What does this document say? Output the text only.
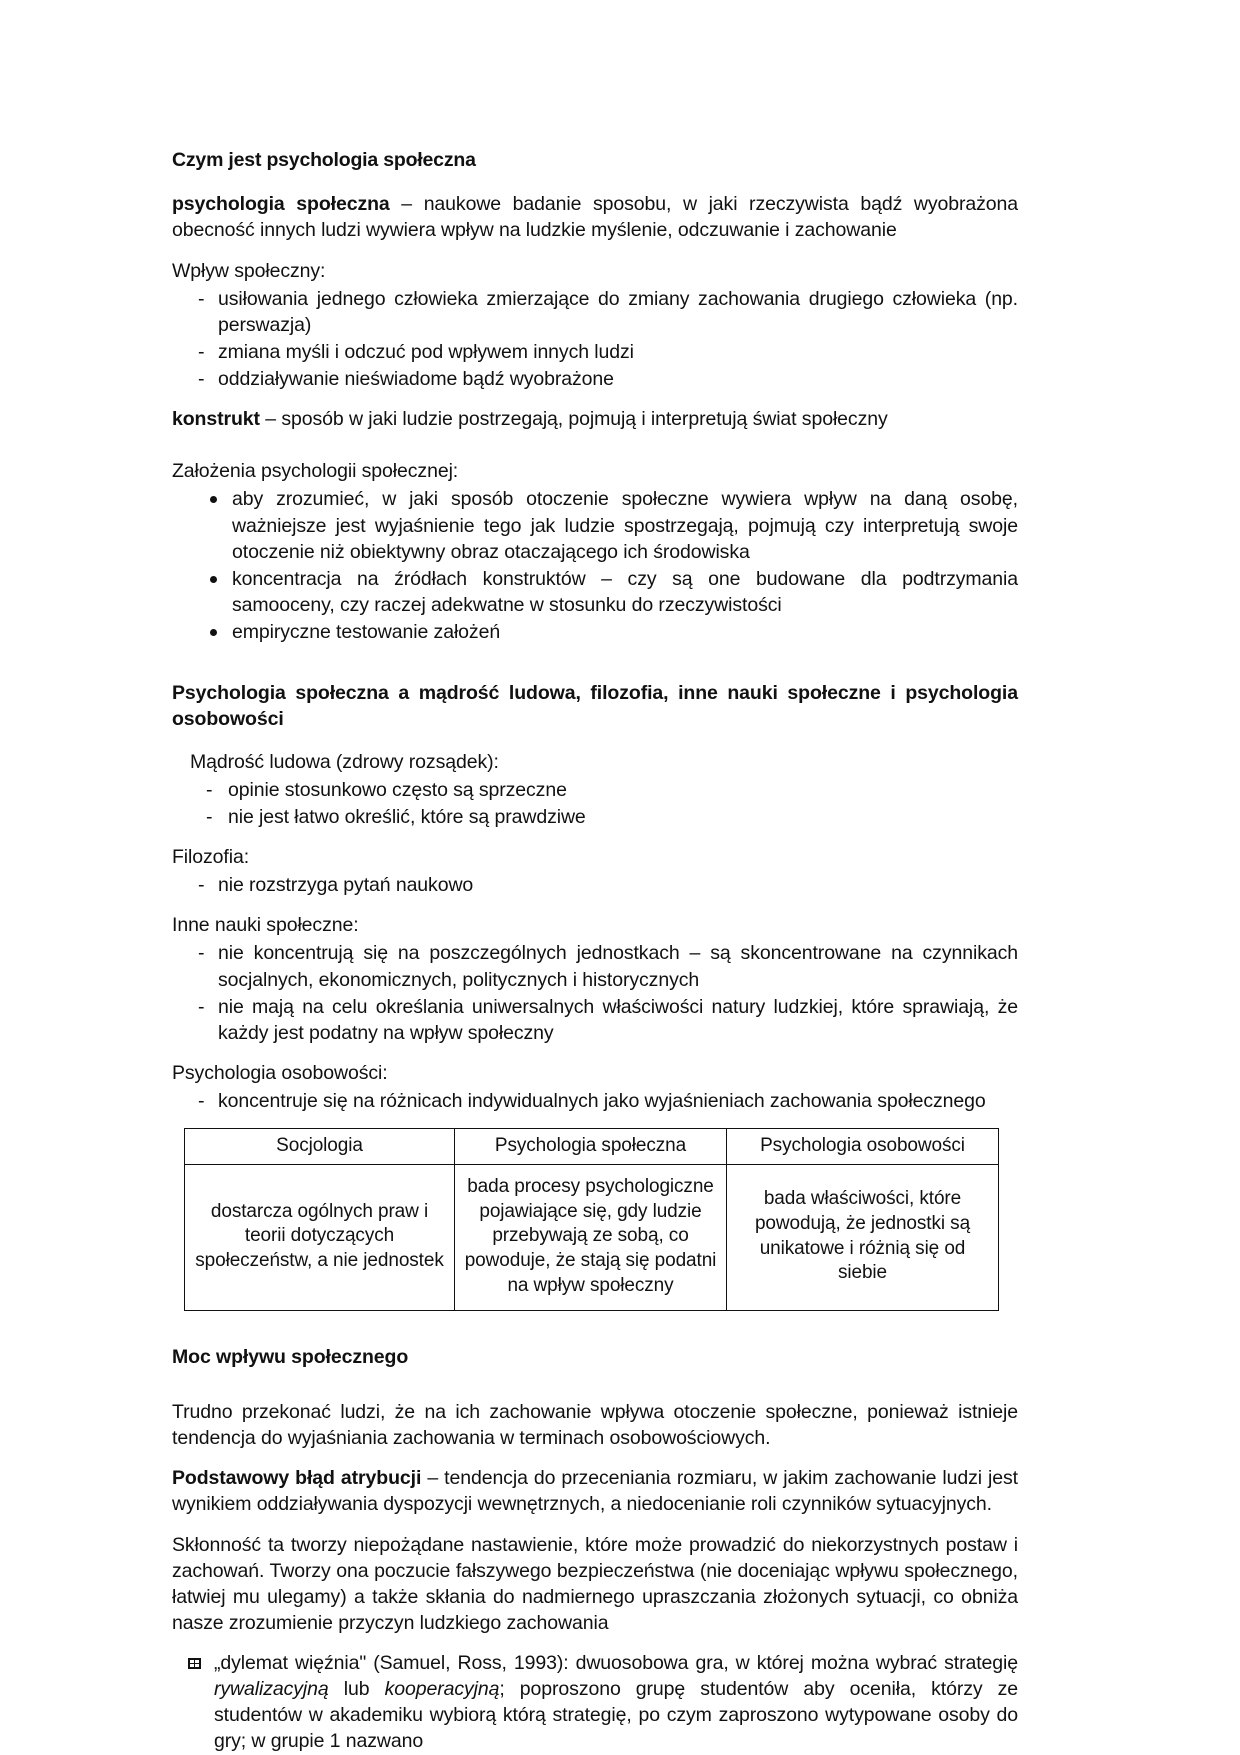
Czym jest psychologia społeczna

psychologia społeczna – naukowe badanie sposobu, w jaki rzeczywista bądź wyobrażona obecność innych ludzi wywiera wpływ na ludzkie myślenie, odczuwanie i zachowanie

Wpływ społeczny:

- usiłowania jednego człowieka zmierzające do zmiany zachowania drugiego człowieka (np. perswazja)
- zmiana myśli i odczuć pod wpływem innych ludzi
- oddziaływanie nieświadome bądź wyobrażone

konstrukt – sposób w jaki ludzie postrzegają, pojmują i interpretują świat społeczny

Założenia psychologii społecznej:

aby zrozumieć, w jaki sposób otoczenie społeczne wywiera wpływ na daną osobę, ważniejsze jest wyjaśnienie tego jak ludzie spostrzegają, pojmują czy interpretują swoje otoczenie niż obiektywny obraz otaczającego ich środowiska
koncentracja na źródłach konstruktów – czy są one budowane dla podtrzymania samooceny, czy raczej adekwatne w stosunku do rzeczywistości
empiryczne testowanie założeń
Psychologia społeczna a mądrość ludowa, filozofia, inne nauki społeczne i psychologia osobowości

Mądrość ludowa (zdrowy rozsądek):

- opinie stosunkowo często są sprzeczne
- nie jest łatwo określić, które są prawdziwe

Filozofia:

- nie rozstrzyga pytań naukowo

Inne nauki społeczne:

- nie koncentrują się na poszczególnych jednostkach – są skoncentrowane na czynnikach socjalnych, ekonomicznych, politycznych i historycznych
- nie mają na celu określania uniwersalnych właściwości natury ludzkiej, które sprawiają, że każdy jest podatny na wpływ społeczny

Psychologia osobowości:

- koncentruje się na różnicach indywidualnych jako wyjaśnieniach zachowania społecznego
Socjologia	Psychologia społeczna	Psychologia osobowości
dostarcza ogólnych praw i teorii dotyczących społeczeństw, a nie jednostek	bada procesy psychologiczne pojawiające się, gdy ludzie przebywają ze sobą, co powoduje, że stają się podatni na wpływ społeczny	bada właściwości, które powodują, że jednostki są unikatowe i różnią się od siebie
Moc wpływu społecznego

Trudno przekonać ludzi, że na ich zachowanie wpływa otoczenie społeczne, ponieważ istnieje tendencja do wyjaśniania zachowania w terminach osobowościowych.

Podstawowy błąd atrybucji – tendencja do przeceniania rozmiaru, w jakim zachowanie ludzi jest wynikiem oddziaływania dyspozycji wewnętrznych, a niedocenianie roli czynników sytuacyjnych.

Skłonność ta tworzy niepożądane nastawienie, które może prowadzić do niekorzystnych postaw i zachowań. Tworzy ona poczucie fałszywego bezpieczeństwa (nie doceniając wpływu społecznego, łatwiej mu ulegamy) a także skłania do nadmiernego upraszczania złożonych sytuacji, co obniża nasze zrozumienie przyczyn ludzkiego zachowania

„dylemat więźnia" (Samuel, Ross, 1993): dwuosobowa gra, w której można wybrać strategię rywalizacyjną lub kooperacyjną; poproszono grupę studentów aby oceniła, którzy ze studentów w akademiku wybiorą którą strategię, po czym zaproszono wytypowane osoby do gry; w grupie 1 nazwano
